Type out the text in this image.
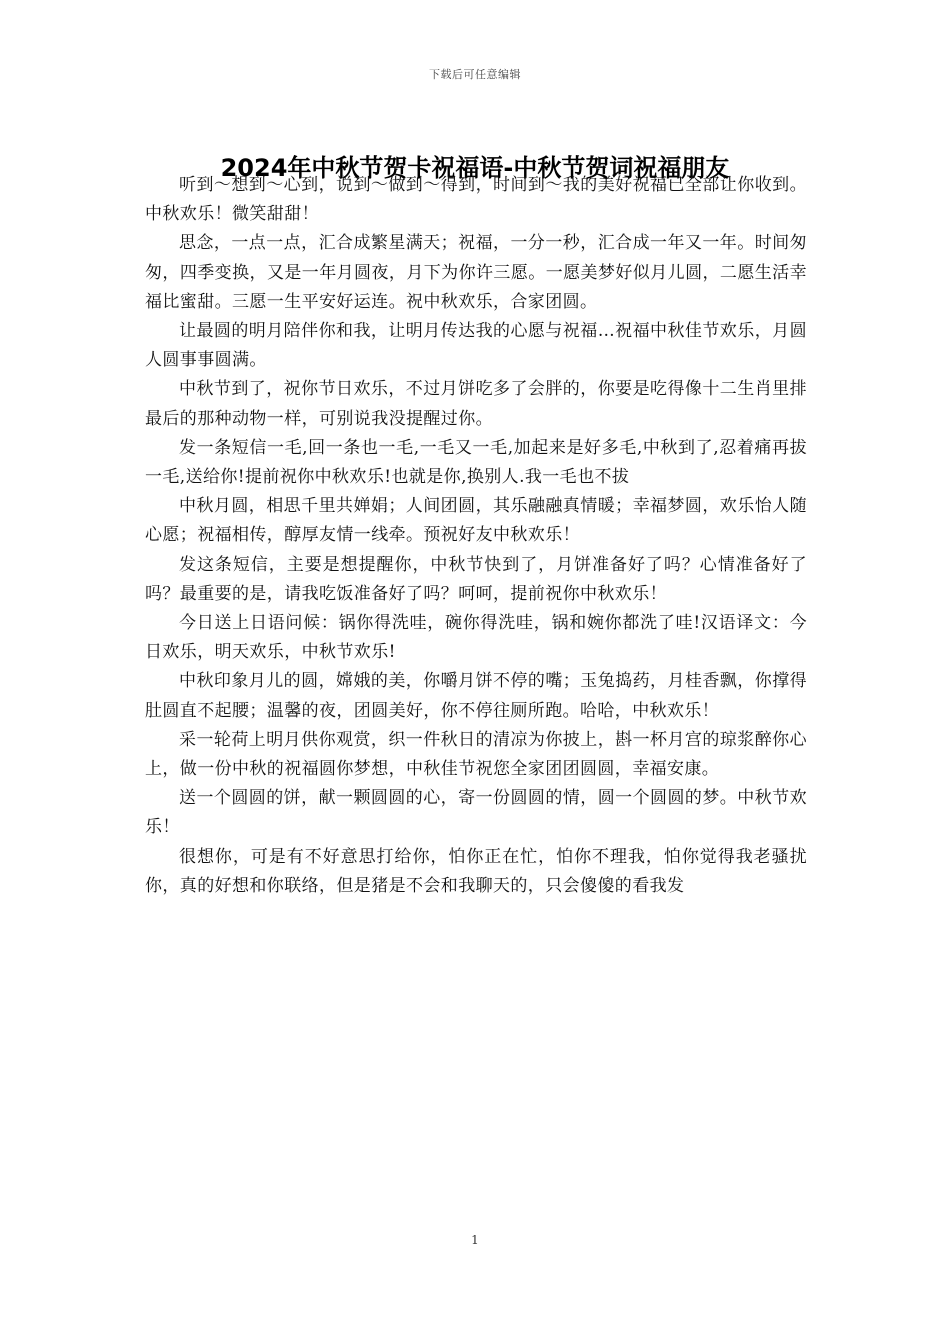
下载后可任意编辑
2024年中秋节贺卡祝福语-中秋节贺词祝福朋友

听到～想到～心到，说到～做到～得到，时间到～我的美好祝福已全部让你收到。中秋欢乐！微笑甜甜！

思念，一点一点，汇合成繁星满天；祝福，一分一秒，汇合成一年又一年。时间匆匆，四季变换，又是一年月圆夜，月下为你许三愿。一愿美梦好似月儿圆，二愿生活幸福比蜜甜。三愿一生平安好运连。祝中秋欢乐，合家团圆。

让最圆的明月陪伴你和我，让明月传达我的心愿与祝福…祝福中秋佳节欢乐，月圆人圆事事圆满。

中秋节到了，祝你节日欢乐，不过月饼吃多了会胖的，你要是吃得像十二生肖里排最后的那种动物一样，可别说我没提醒过你。

发一条短信一毛,回一条也一毛,一毛又一毛,加起来是好多毛,中秋到了,忍着痛再拔一毛,送给你!提前祝你中秋欢乐!也就是你,换别人.我一毛也不拔

中秋月圆，相思千里共婵娟；人间团圆，其乐融融真情暖；幸福梦圆，欢乐怡人随心愿；祝福相传，醇厚友情一线牵。预祝好友中秋欢乐！

发这条短信，主要是想提醒你，中秋节快到了，月饼准备好了吗？心情准备好了吗？最重要的是，请我吃饭准备好了吗？呵呵，提前祝你中秋欢乐！

今日送上日语问候：锅你得洗哇，碗你得洗哇，锅和婉你都洗了哇!汉语译文：今日欢乐，明天欢乐，中秋节欢乐!

中秋印象月儿的圆，嫦娥的美，你嚼月饼不停的嘴；玉兔捣药，月桂香飘，你撑得肚圆直不起腰；温馨的夜，团圆美好，你不停往厕所跑。哈哈，中秋欢乐！

采一轮荷上明月供你观赏，织一件秋日的清凉为你披上，斟一杯月宫的琼浆醉你心上，做一份中秋的祝福圆你梦想，中秋佳节祝您全家团团圆圆，幸福安康。

送一个圆圆的饼，献一颗圆圆的心，寄一份圆圆的情，圆一个圆圆的梦。中秋节欢乐！

很想你，可是有不好意思打给你，怕你正在忙，怕你不理我，怕你觉得我老骚扰你，真的好想和你联络，但是猪是不会和我聊天的，只会傻傻的看我发

1
